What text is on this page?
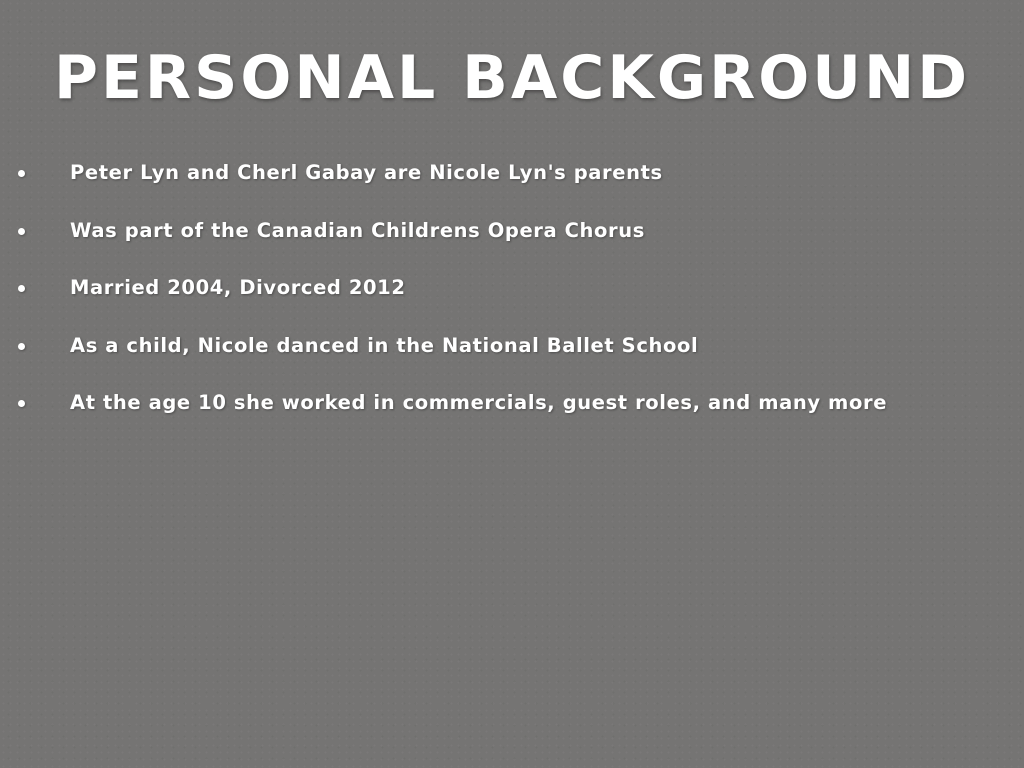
PERSONAL BACKGROUND
Peter Lyn and Cherl Gabay are Nicole Lyn's parents
Was part of the Canadian Childrens Opera Chorus
Married 2004, Divorced 2012
As a child, Nicole danced in the National Ballet School
At the age 10 she worked in commercials, guest roles, and many more
